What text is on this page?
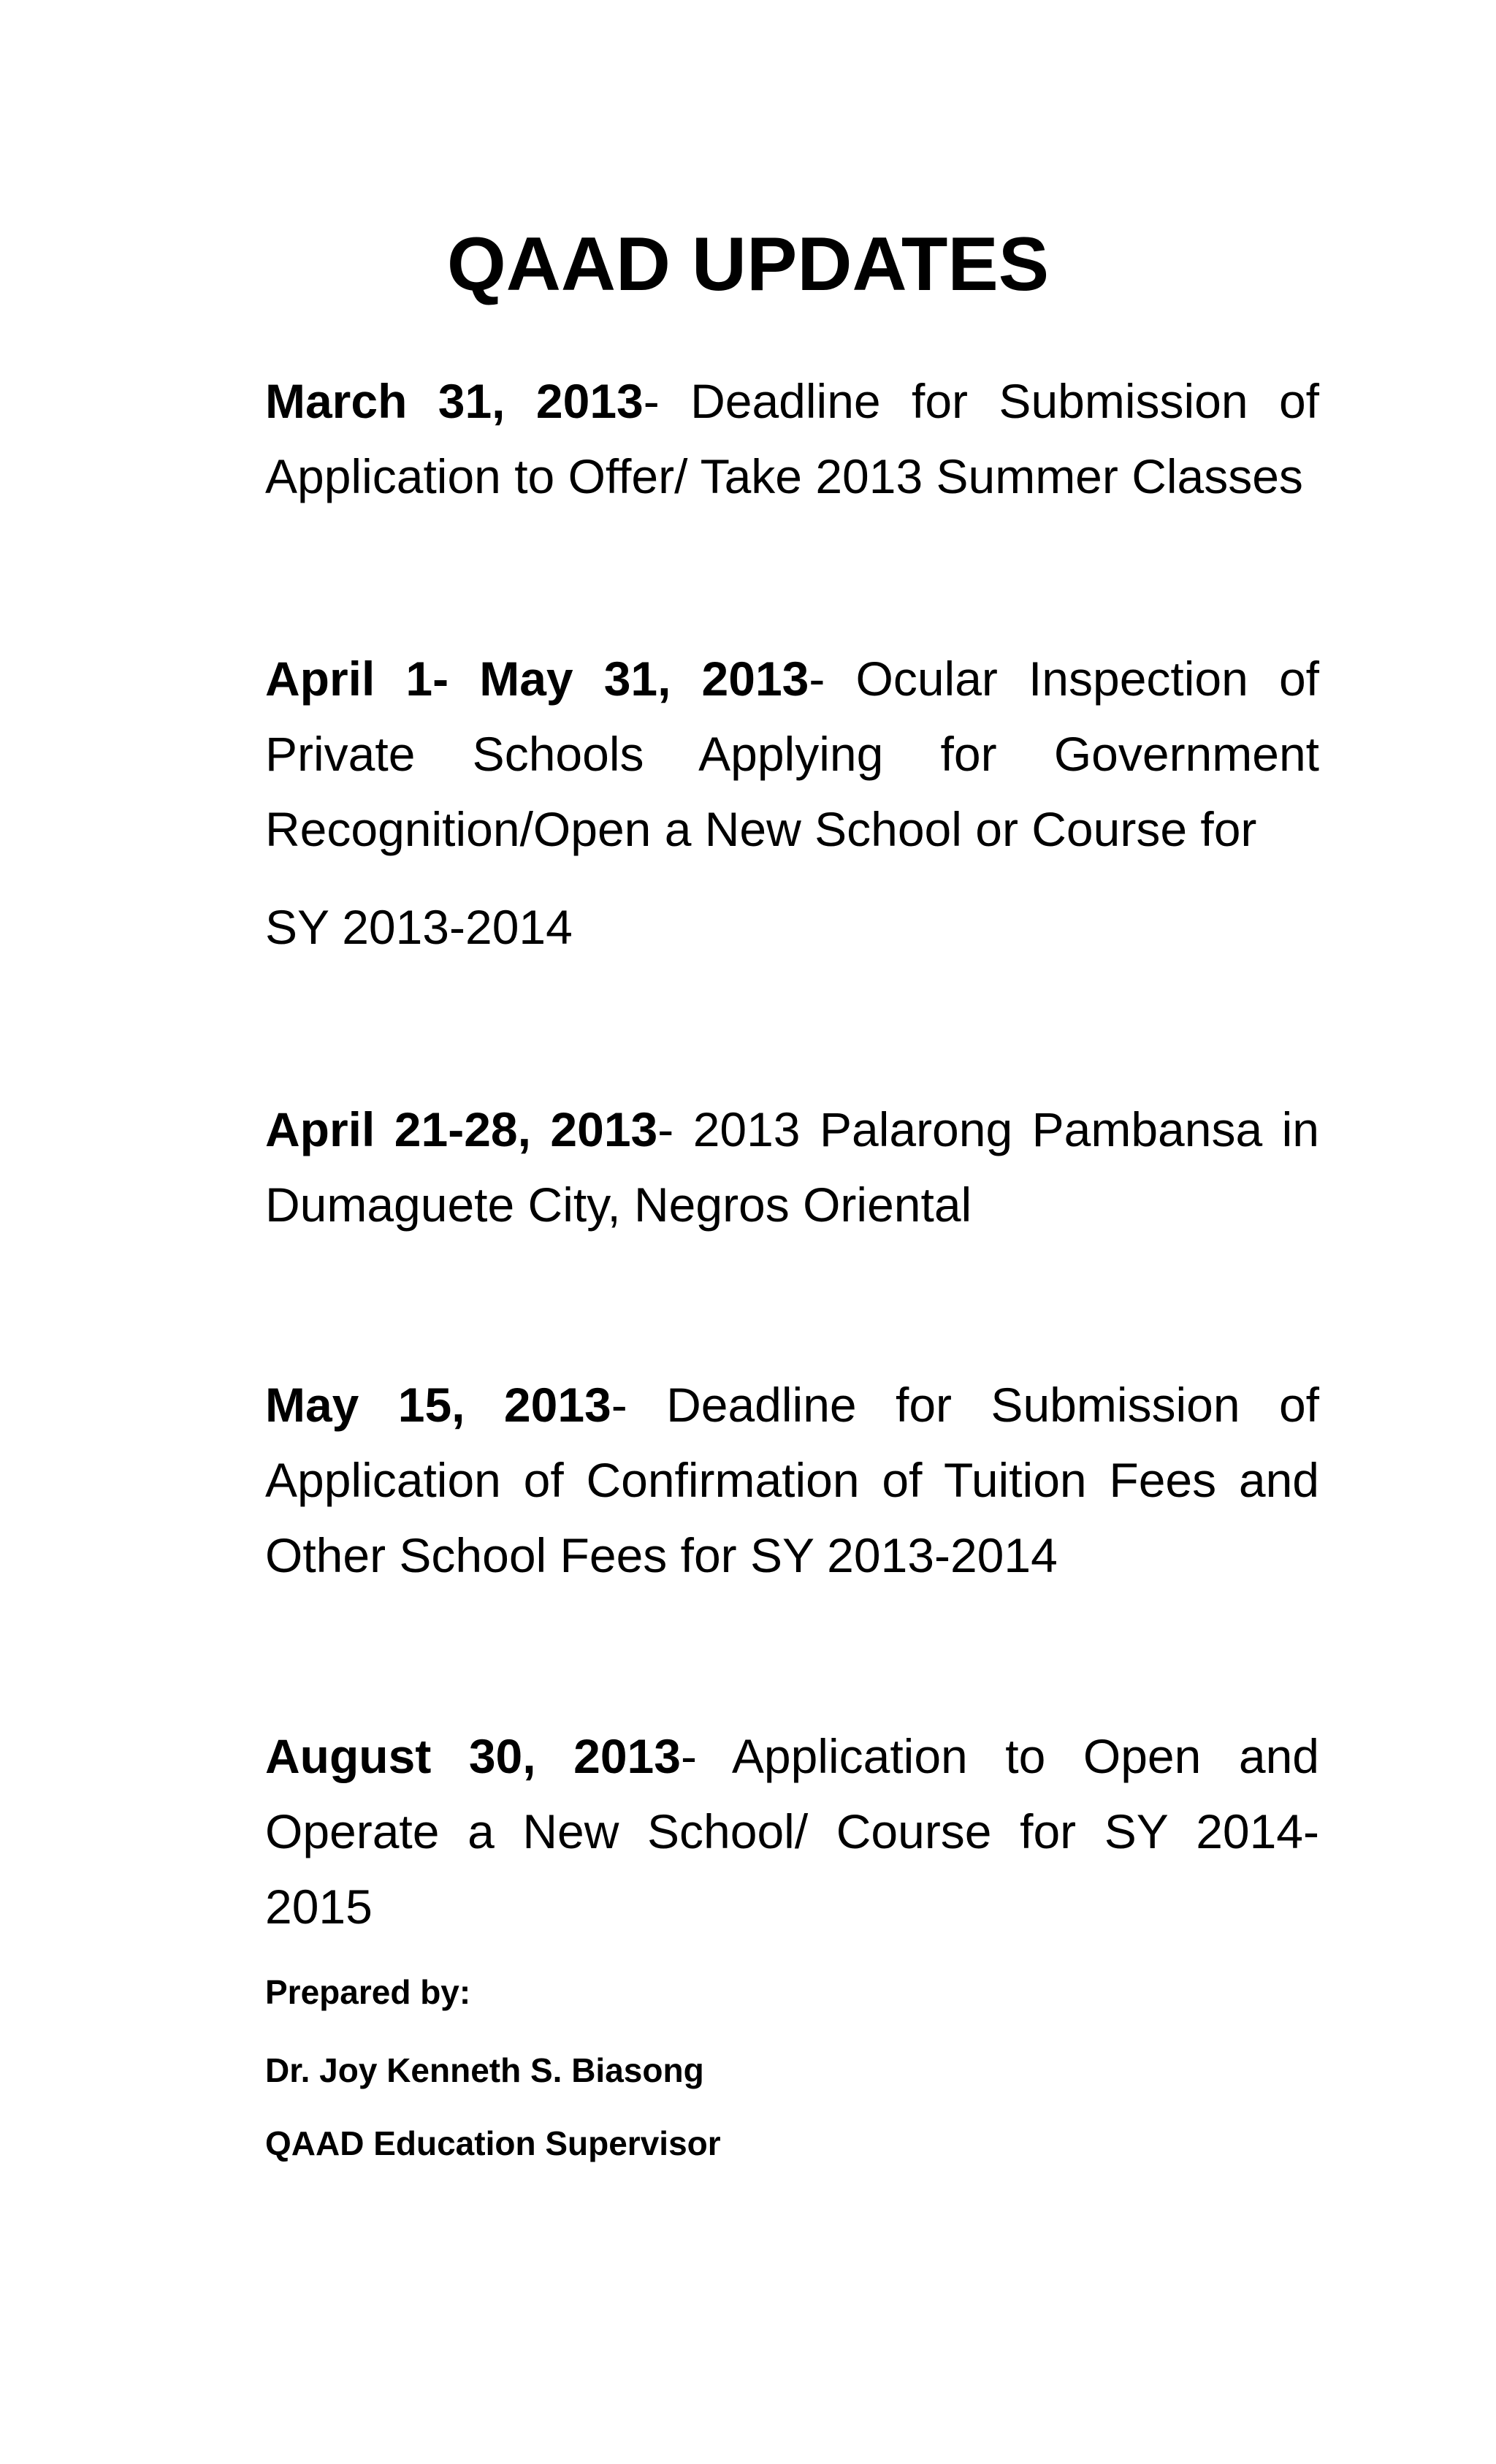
QAAD UPDATES
March 31, 2013- Deadline for Submission of
Application to Offer/ Take 2013 Summer Classes
April 1- May 31, 2013- Ocular Inspection of
Private Schools Applying for Government
Recognition/Open a New School or Course for
SY 2013-2014
April 21-28, 2013- 2013 Palarong Pambansa in
Dumaguete City, Negros Oriental
May 15, 2013- Deadline for Submission of
Application of Confirmation of Tuition Fees and
Other School Fees for SY 2013-2014
August 30, 2013- Application to Open and
Operate a New School/ Course for SY 2014-
2015
Prepared by:
Dr. Joy Kenneth S. Biasong
QAAD Education Supervisor
